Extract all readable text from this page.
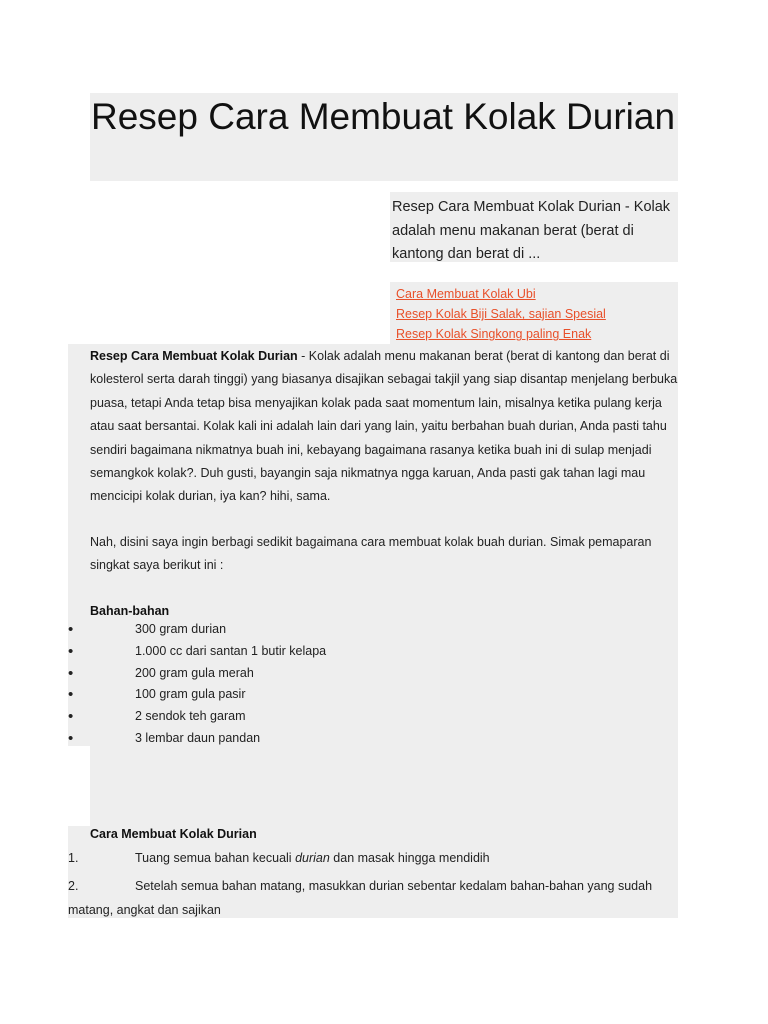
Resep Cara Membuat Kolak Durian

Resep Cara Membuat Kolak Durian - Kolak adalah menu makanan berat (berat di kantong dan berat di ...

Cara Membuat Kolak Ubi
Resep Kolak Biji Salak, sajian Spesial
Resep Kolak Singkong paling Enak

Resep Cara Membuat Kolak Durian - Kolak adalah menu makanan berat (berat di kantong dan berat di kolesterol serta darah tinggi) yang biasanya disajikan sebagai takjil yang siap disantap menjelang berbuka puasa, tetapi Anda tetap bisa menyajikan kolak pada saat momentum lain, misalnya ketika pulang kerja atau saat bersantai. Kolak kali ini adalah lain dari yang lain, yaitu berbahan buah durian, Anda pasti tahu sendiri bagaimana nikmatnya buah ini, kebayang bagaimana rasanya ketika buah ini di sulap menjadi semangkok kolak?. Duh gusti, bayangin saja nikmatnya ngga karuan, Anda pasti gak tahan lagi mau mencicipi kolak durian, iya kan? hihi, sama.

Nah, disini saya ingin berbagi sedikit bagaimana cara membuat kolak buah durian. Simak pemaparan singkat saya berikut ini :

Bahan-bahan
•	300 gram durian
•	1.000 cc dari santan 1 butir kelapa
•	200 gram gula merah
•	100 gram gula pasir
•	2 sendok teh garam
•	3 lembar daun pandan
Cara Membuat Kolak Durian
1.	Tuang semua bahan kecuali durian dan masak hingga mendidih

2.	Setelah semua bahan matang, masukkan durian sebentar kedalam bahan-bahan yang sudah matang, angkat dan sajikan
